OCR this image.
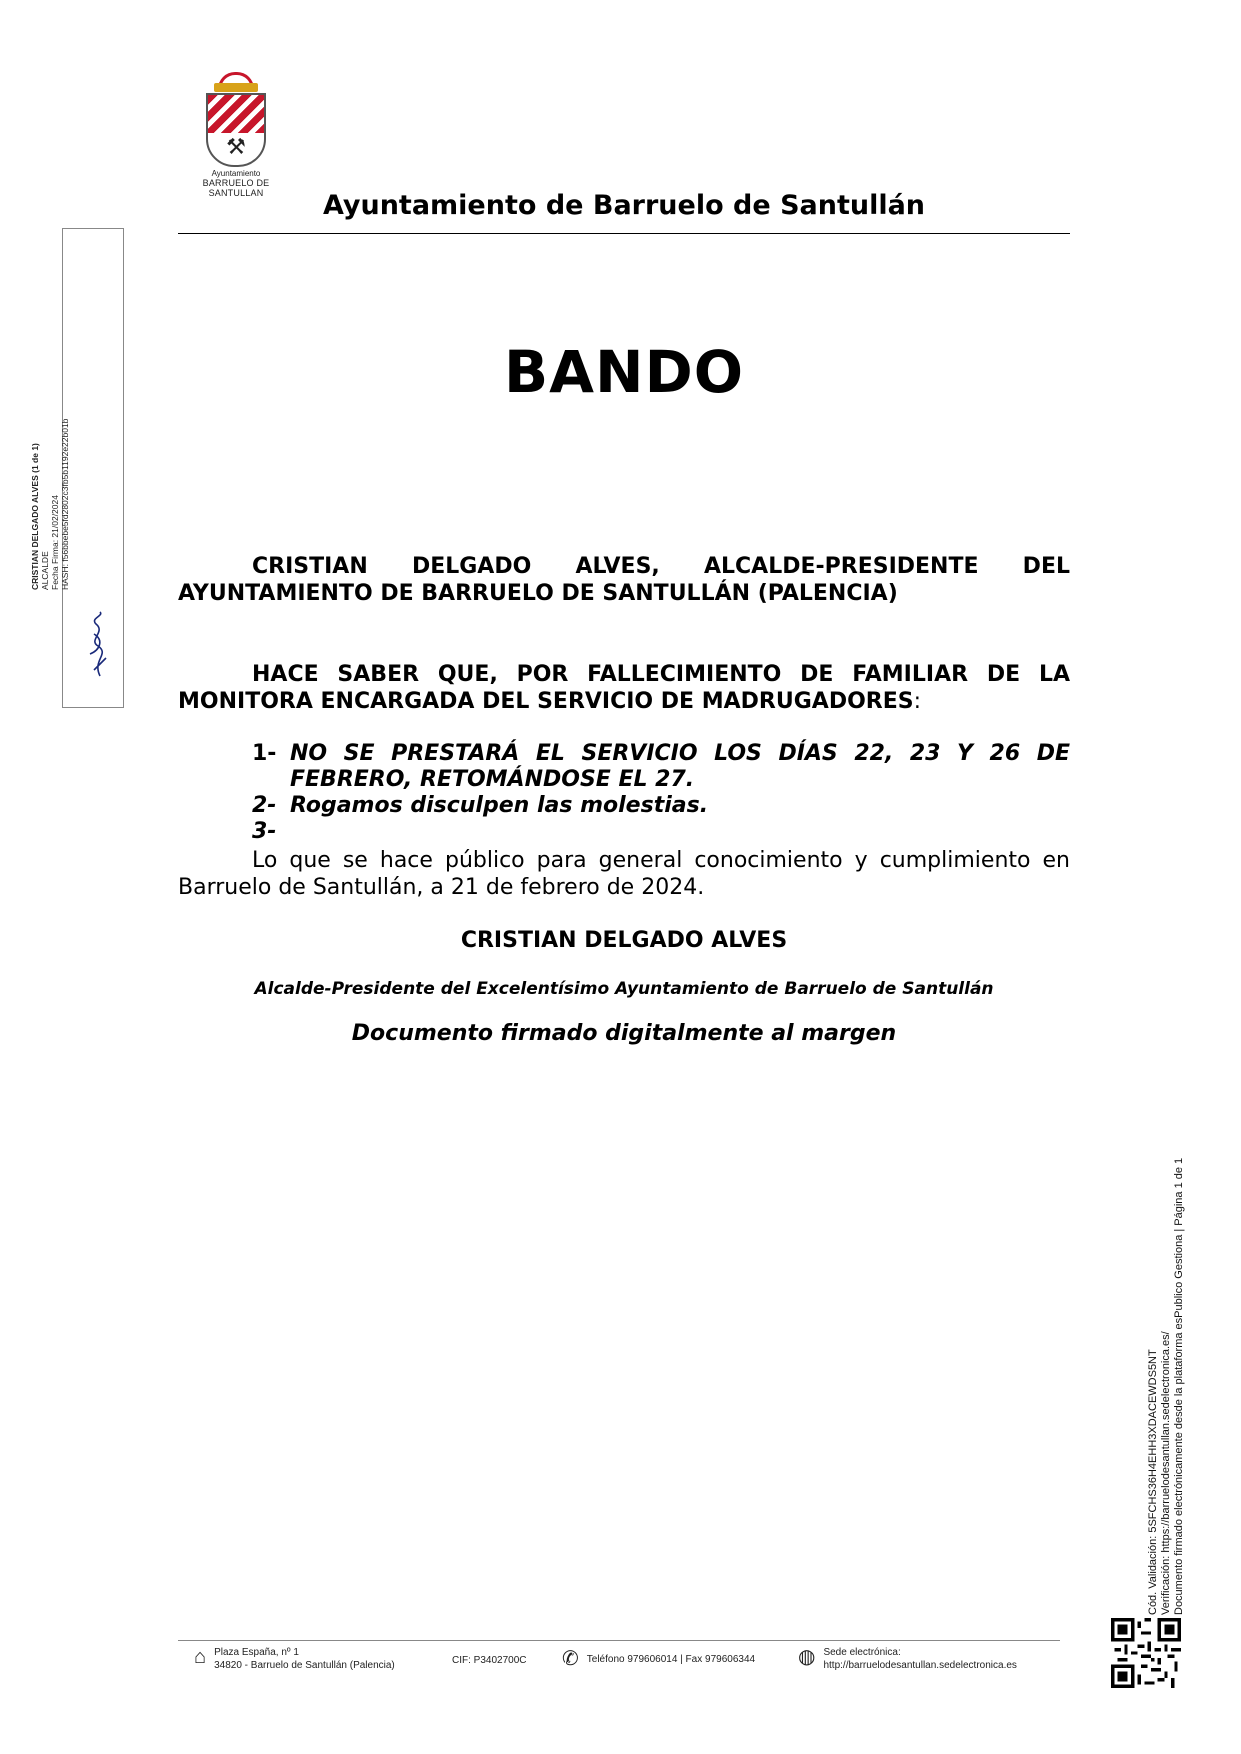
⚒
Ayuntamiento
BARRUELO DE SANTULLAN	Ayuntamiento de Barruelo de Santullán
BANDO
CRISTIAN DELGADO ALVES, ALCALDE-PRESIDENTE DEL AYUNTAMIENTO DE BARRUELO DE SANTULLÁN (PALENCIA)
HACE SABER QUE, POR FALLECIMIENTO DE FAMILIAR DE LA MONITORA ENCARGADA DEL SERVICIO DE MADRUGADORES:
1- NO SE PRESTARÁ EL SERVICIO LOS DÍAS 22, 23 Y 26 DE FEBRERO, RETOMÁNDOSE EL 27.
2- Rogamos disculpen las molestias.
3-
Lo que se hace público para general conocimiento y cumplimiento en Barruelo de Santullán, a 21 de febrero de 2024.
CRISTIAN DELGADO ALVES
Alcalde-Presidente del Excelentísimo Ayuntamiento de Barruelo de Santullán
Documento firmado digitalmente al margen
CRISTIAN DELGADO ALVES (1 de 1) ALCALDE Fecha Firma: 21/02/2024 HASH: f56bbebe5fd2802c3fb5b1192e22b01b
Cód. Validación: 5SFCHS36H4EHH3XDACEWDS5NT Verificación: https://barruelodesantullan.sedelectronica.es/ Documento firmado electrónicamente desde la plataforma esPublico Gestiona | Página 1 de 1
⌂ Plaza España, nº 1
34820 - Barruelo de Santullán (Palencia)	CIF: P3402700C ✆ Teléfono 979606014 | Fax 979606344 ◍ Sede electrónica:
http://barruelodesantullan.sedelectronica.es
